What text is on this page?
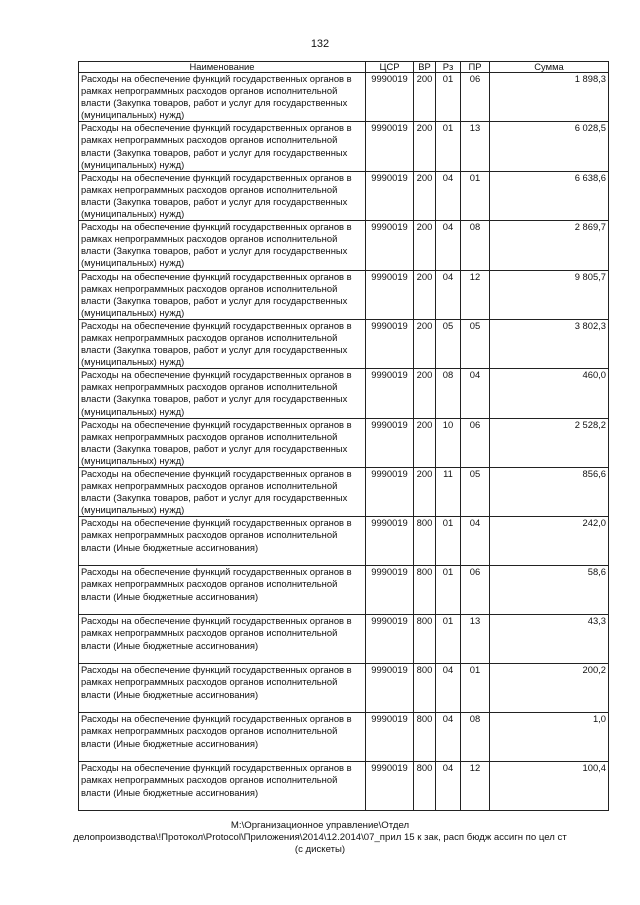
132
Наименование	ЦСР	ВР	Рз	ПР	Сумма
Расходы на обеспечение функций государственных органов в рамках непрограммных расходов органов исполнительной власти (Закупка товаров, работ и услуг для государственных (муниципальных) нужд)	9990019	200	01	06	1 898,3
Расходы на обеспечение функций государственных органов в рамках непрограммных расходов органов исполнительной власти (Закупка товаров, работ и услуг для государственных (муниципальных) нужд)	9990019	200	01	13	6 028,5
Расходы на обеспечение функций государственных органов в рамках непрограммных расходов органов исполнительной власти (Закупка товаров, работ и услуг для государственных (муниципальных) нужд)	9990019	200	04	01	6 638,6
Расходы на обеспечение функций государственных органов в рамках непрограммных расходов органов исполнительной власти (Закупка товаров, работ и услуг для государственных (муниципальных) нужд)	9990019	200	04	08	2 869,7
Расходы на обеспечение функций государственных органов в рамках непрограммных расходов органов исполнительной власти (Закупка товаров, работ и услуг для государственных (муниципальных) нужд)	9990019	200	04	12	9 805,7
Расходы на обеспечение функций государственных органов в рамках непрограммных расходов органов исполнительной власти (Закупка товаров, работ и услуг для государственных (муниципальных) нужд)	9990019	200	05	05	3 802,3
Расходы на обеспечение функций государственных органов в рамках непрограммных расходов органов исполнительной власти (Закупка товаров, работ и услуг для государственных (муниципальных) нужд)	9990019	200	08	04	460,0
Расходы на обеспечение функций государственных органов в рамках непрограммных расходов органов исполнительной власти (Закупка товаров, работ и услуг для государственных (муниципальных) нужд)	9990019	200	10	06	2 528,2
Расходы на обеспечение функций государственных органов в рамках непрограммных расходов органов исполнительной власти (Закупка товаров, работ и услуг для государственных (муниципальных) нужд)	9990019	200	11	05	856,6
Расходы на обеспечение функций государственных органов в рамках непрограммных расходов органов исполнительной власти (Иные бюджетные ассигнования)	9990019	800	01	04	242,0
Расходы на обеспечение функций государственных органов в рамках непрограммных расходов органов исполнительной власти (Иные бюджетные ассигнования)	9990019	800	01	06	58,6
Расходы на обеспечение функций государственных органов в рамках непрограммных расходов органов исполнительной власти (Иные бюджетные ассигнования)	9990019	800	01	13	43,3
Расходы на обеспечение функций государственных органов в рамках непрограммных расходов органов исполнительной власти (Иные бюджетные ассигнования)	9990019	800	04	01	200,2
Расходы на обеспечение функций государственных органов в рамках непрограммных расходов органов исполнительной власти (Иные бюджетные ассигнования)	9990019	800	04	08	1,0
Расходы на обеспечение функций государственных органов в рамках непрограммных расходов органов исполнительной власти (Иные бюджетные ассигнования)	9990019	800	04	12	100,4
М:\Организационное управление\Отдел
делопроизводства\!Протокол\Protocol\Приложения\2014\12.2014\07_прил 15 к зак, расп бюдж ассигн по цел ст
(с дискеты)
